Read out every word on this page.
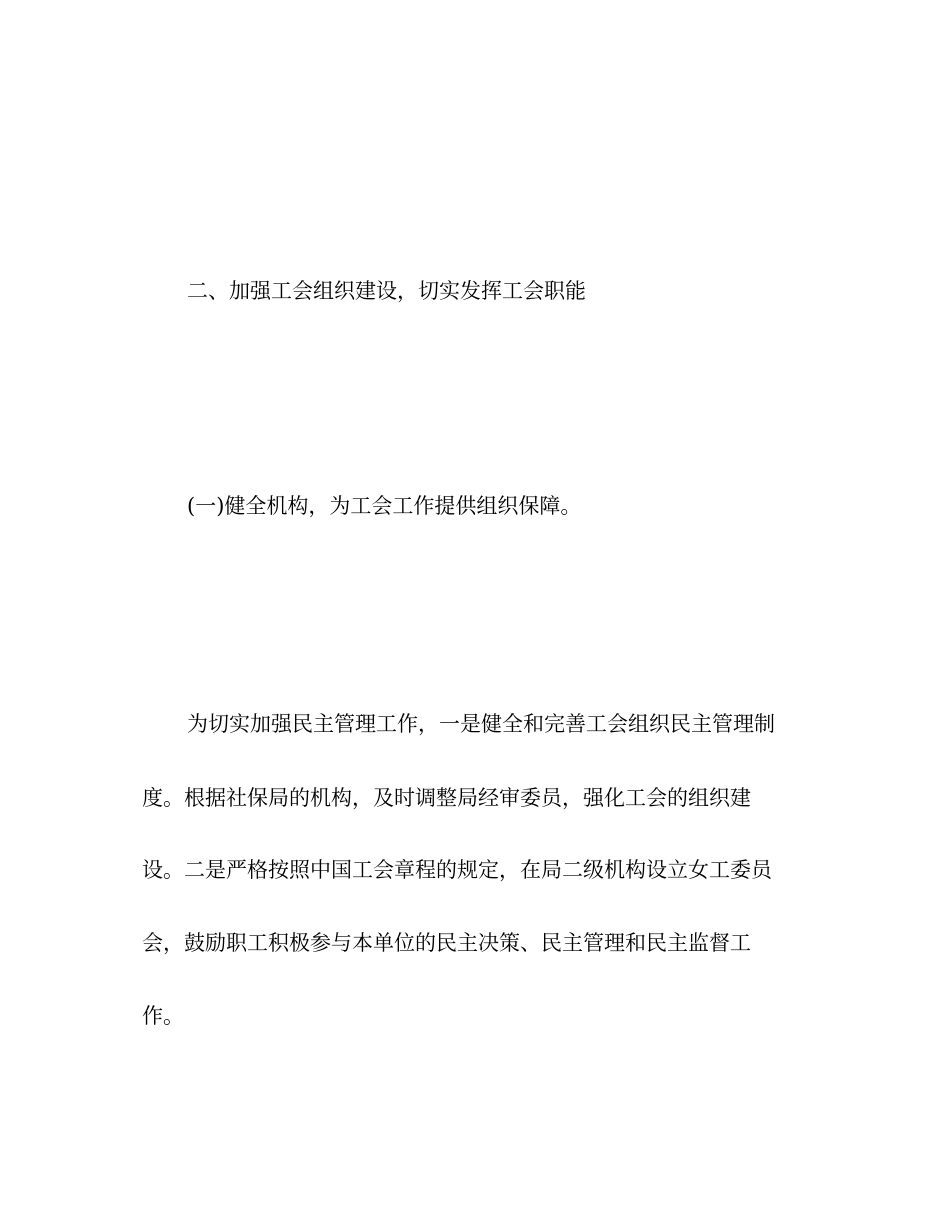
二、加强工会组织建设，切实发挥工会职能
(一)健全机构，为工会工作提供组织保障。

为切实加强民主管理工作，一是健全和完善工会组织民主管理制

度。根据社保局的机构，及时调整局经审委员，强化工会的组织建

设。二是严格按照中国工会章程的规定，在局二级机构设立女工委员

会，鼓励职工积极参与本单位的民主决策、民主管理和民主监督工

作。
